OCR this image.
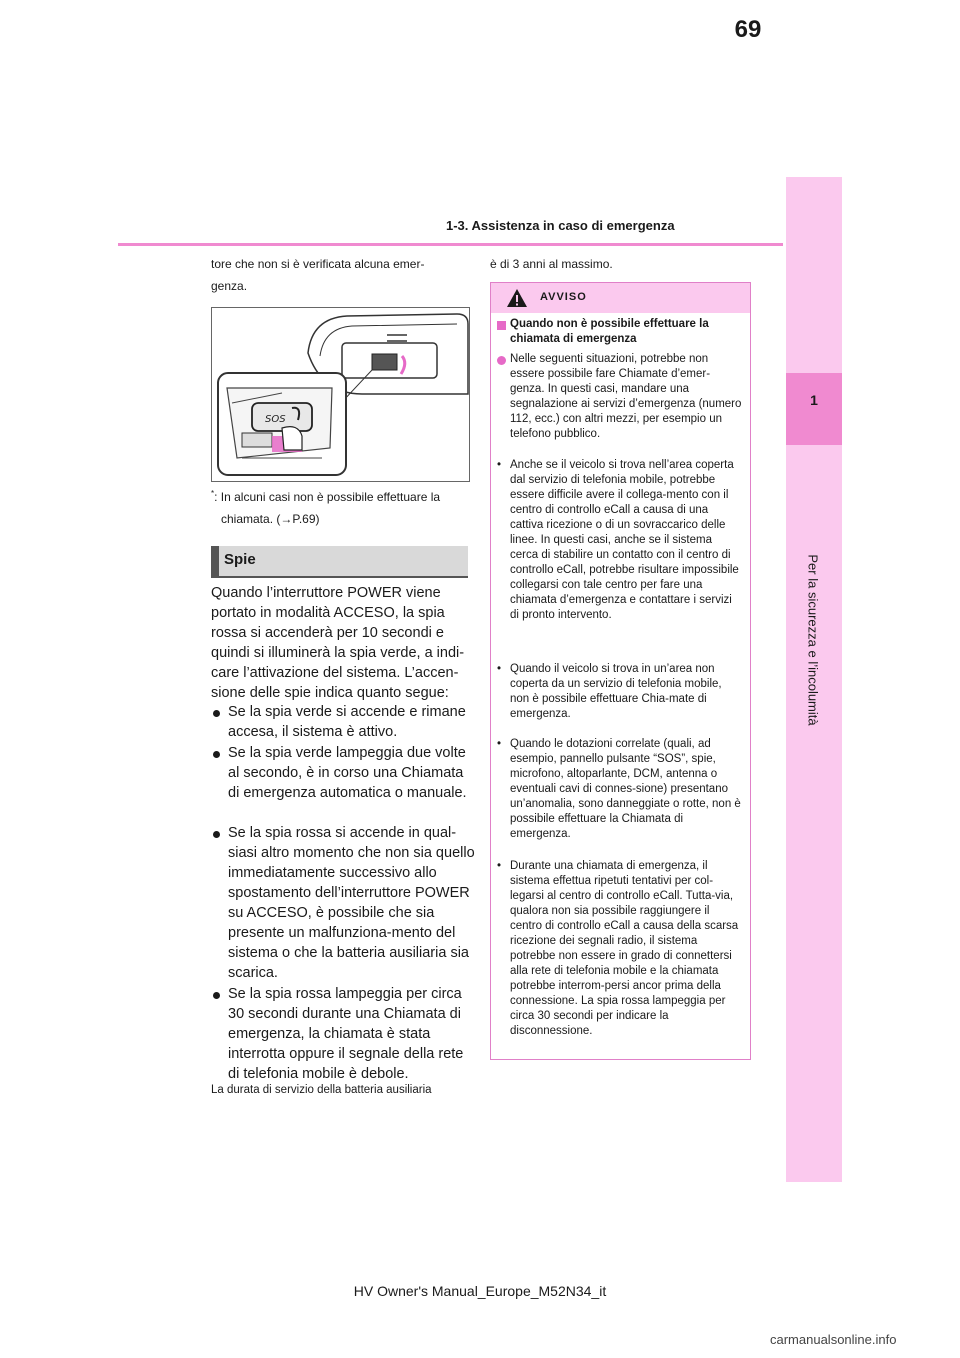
69
1-3. Assistenza in caso di emergenza
1
Per la sicurezza e l’incolumità
tore che non si è verificata alcuna emer-
genza.
SOS
*: In alcuni casi non è possibile effettuare la
chiamata. (→P.69)
Spie
Quando l’interruttore POWER viene portato in modalità ACCESO, la spia rossa si accenderà per 10 secondi e quindi si illuminerà la spia verde, a indi-care l’attivazione del sistema. L’accen-sione delle spie indica quanto segue:
Se la spia verde si accende e rimane accesa, il sistema è attivo.
Se la spia verde lampeggia due volte al secondo, è in corso una Chiamata di emergenza automatica o manuale.
Se la spia rossa si accende in qual-siasi altro momento che non sia quello immediatamente successivo allo spostamento dell’interruttore POWER su ACCESO, è possibile che sia presente un malfunziona-mento del sistema o che la batteria ausiliaria sia scarica.
Se la spia rossa lampeggia per circa 30 secondi durante una Chiamata di emergenza, la chiamata è stata interrotta oppure il segnale della rete di telefonia mobile è debole.
La durata di servizio della batteria ausiliaria
è di 3 anni al massimo.
AVVISO
Quando non è possibile effettuare la chiamata di emergenza
Nelle seguenti situazioni, potrebbe non essere possibile fare Chiamate d’emer-genza. In questi casi, mandare una segnalazione ai servizi d’emergenza (numero 112, ecc.) con altri mezzi, per esempio un telefono pubblico.
• Anche se il veicolo si trova nell’area coperta dal servizio di telefonia mobile, potrebbe essere difficile avere il collega-mento con il centro di controllo eCall a causa di una cattiva ricezione o di un sovraccarico delle linee. In questi casi, anche se il sistema cerca di stabilire un contatto con il centro di controllo eCall, potrebbe risultare impossibile collegarsi con tale centro per fare una chiamata d’emergenza e contattare i servizi di pronto intervento.
• Quando il veicolo si trova in un’area non coperta da un servizio di telefonia mobile, non è possibile effettuare Chia-mate di emergenza.
• Quando le dotazioni correlate (quali, ad esempio, pannello pulsante “SOS”, spie, microfono, altoparlante, DCM, antenna o eventuali cavi di connes-sione) presentano un’anomalia, sono danneggiate o rotte, non è possibile effettuare la Chiamata di emergenza.
• Durante una chiamata di emergenza, il sistema effettua ripetuti tentativi per col-legarsi al centro di controllo eCall. Tutta-via, qualora non sia possibile raggiungere il centro di controllo eCall a causa della scarsa ricezione dei segnali radio, il sistema potrebbe non essere in grado di connettersi alla rete di telefonia mobile e la chiamata potrebbe interrom-persi ancor prima della connessione. La spia rossa lampeggia per circa 30 secondi per indicare la disconnessione.
HV Owner's Manual_Europe_M52N34_it
carmanualsonline.info
